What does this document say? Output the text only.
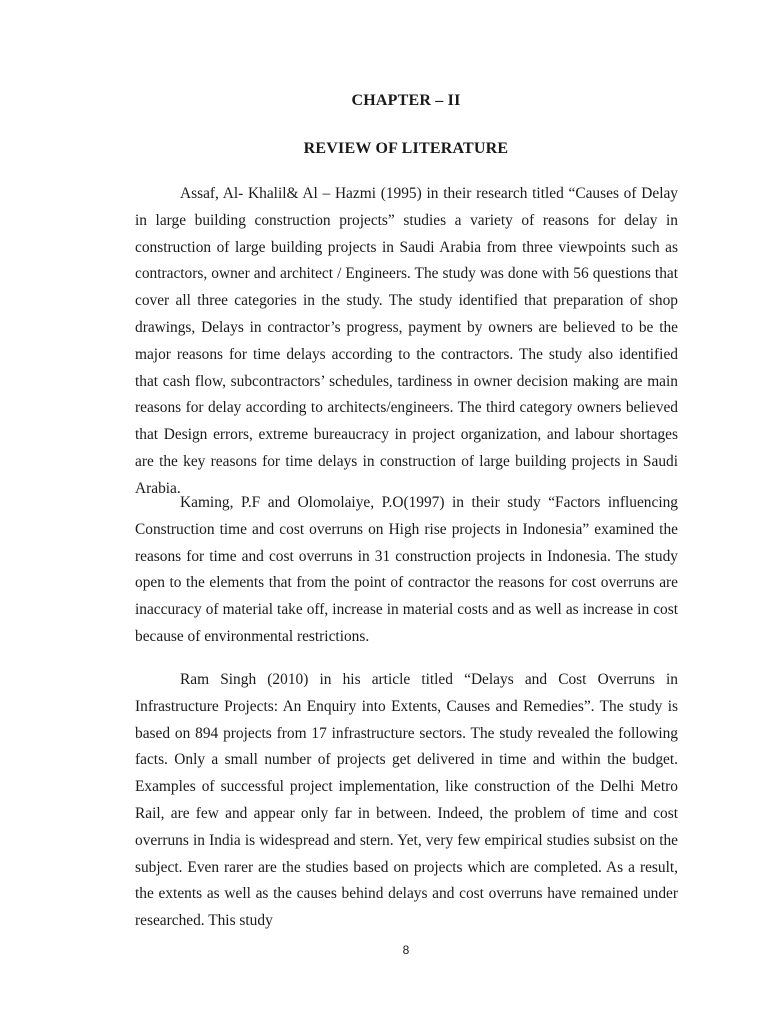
CHAPTER – II
REVIEW OF LITERATURE

Assaf, Al- Khalil& Al – Hazmi (1995) in their research titled “Causes of Delay in large building construction projects” studies a variety of reasons for delay in construction of large building projects in Saudi Arabia from three viewpoints such as contractors, owner and architect / Engineers. The study was done with 56 questions that cover all three categories in the study. The study identified that preparation of shop drawings, Delays in contractor’s progress, payment by owners are believed to be the major reasons for time delays according to the contractors. The study also identified that cash flow, subcontractors’ schedules, tardiness in owner decision making are main reasons for delay according to architects/engineers. The third category owners believed that Design errors, extreme bureaucracy in project organization, and labour shortages are the key reasons for time delays in construction of large building projects in Saudi Arabia.

Kaming, P.F and Olomolaiye, P.O(1997) in their study “Factors influencing Construction time and cost overruns on High rise projects in Indonesia” examined the reasons for time and cost overruns in 31 construction projects in Indonesia. The study open to the elements that from the point of contractor the reasons for cost overruns are inaccuracy of material take off, increase in material costs and as well as increase in cost because of environmental restrictions.

Ram Singh (2010) in his article titled “Delays and Cost Overruns in Infrastructure Projects: An Enquiry into Extents, Causes and Remedies”. The study is based on 894 projects from 17 infrastructure sectors. The study revealed the following facts. Only a small number of projects get delivered in time and within the budget. Examples of successful project implementation, like construction of the Delhi Metro Rail, are few and appear only far in between. Indeed, the problem of time and cost overruns in India is widespread and stern. Yet, very few empirical studies subsist on the subject. Even rarer are the studies based on projects which are completed. As a result, the extents as well as the causes behind delays and cost overruns have remained under researched. This study

8
